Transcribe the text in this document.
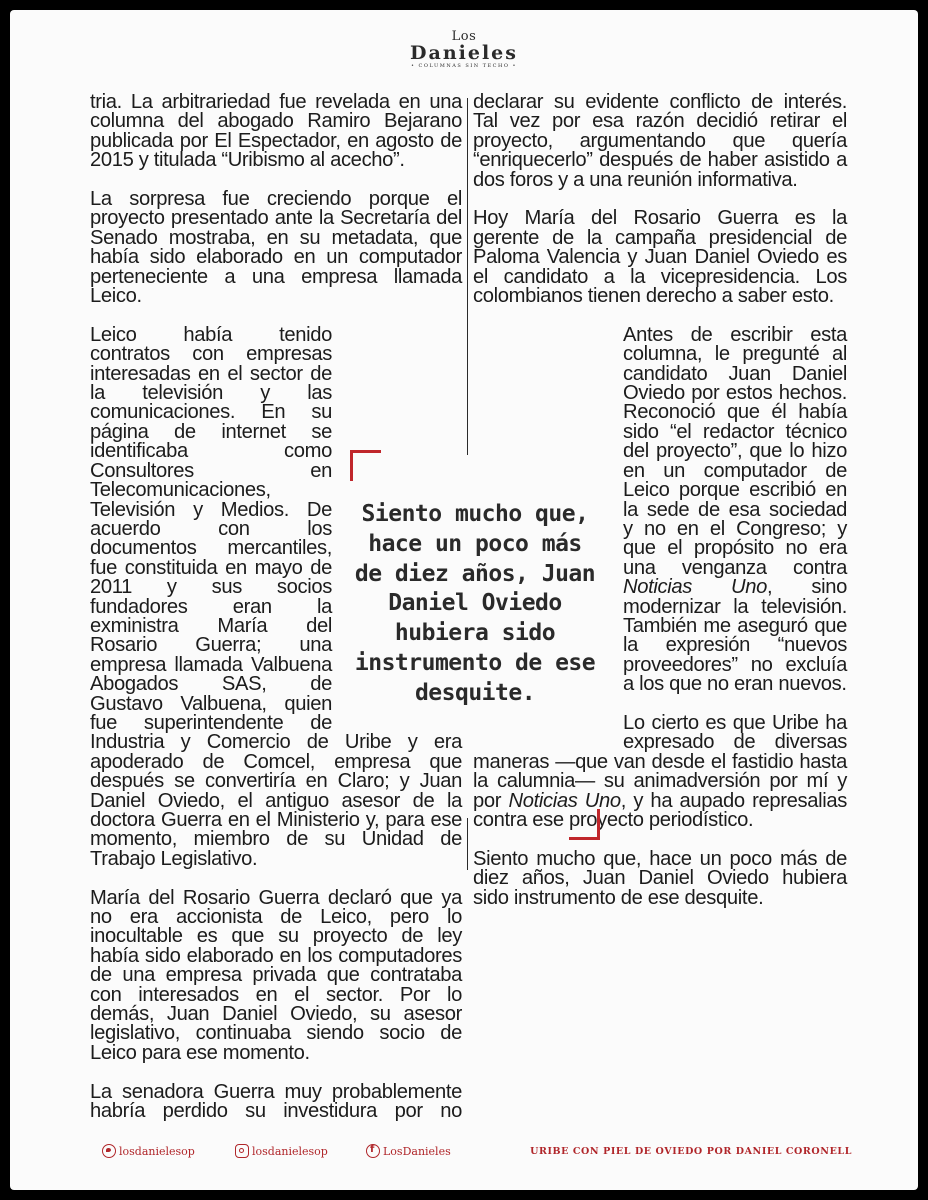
Los
Danieles
• COLUMNAS SIN TECHO •

tria. La arbitrariedad fue revelada en una columna del abogado Ramiro Bejarano publicada por El Espectador, en agosto de 2015 y titulada “Uribismo al acecho”.

La sorpresa fue creciendo porque el proyecto presentado ante la Secretaría del Senado mostraba, en su metadata, que había sido elaborado en un computador perteneciente a una empresa llamada Leico.

Leico había tenido contratos con empresas interesadas en el sector de la televisión y las comunicaciones. En su página de internet se identificaba como Consultores en Telecomunicaciones, Televisión y Medios. De acuerdo con los documentos mercantiles, fue constituida en mayo de 2011 y sus socios fundadores eran la exministra María del Rosario Guerra; una empresa llamada Valbuena Abogados SAS, de Gustavo Valbuena, quien fue superintendente de Industria y Comercio de Uribe y era apoderado de Comcel, empresa que después se convertiría en Claro; y Juan Daniel Oviedo, el antiguo asesor de la doctora Guerra en el Ministerio y, para ese momento, miembro de su Unidad de Trabajo Legislativo.

María del Rosario Guerra declaró que ya no era accionista de Leico, pero lo inocultable es que su proyecto de ley había sido elaborado en los computadores de una empresa privada que contrataba con interesados en el sector. Por lo demás, Juan Daniel Oviedo, su asesor legislativo, continuaba siendo socio de Leico para ese momento.

La senadora Guerra muy probablemente habría perdido su investidura por no

declarar su evidente conflicto de interés. Tal vez por esa razón decidió retirar el proyecto, argumentando que quería “enriquecerlo” después de haber asistido a dos foros y a una reunión informativa.

Hoy María del Rosario Guerra es la gerente de la campaña presidencial de Paloma Valencia y Juan Daniel Oviedo es el candidato a la vicepresidencia. Los colombianos tienen derecho a saber esto.

Antes de escribir esta columna, le pregunté al candidato Juan Daniel Oviedo por estos hechos. Reconoció que él había sido “el redactor técnico del proyecto”, que lo hizo en un computador de Leico porque escribió en la sede de esa sociedad y no en el Congreso; y que el propósito no era una venganza contra Noticias Uno, sino modernizar la televisión. También me aseguró que la expresión “nuevos proveedores” no excluía a los que no eran nuevos.

Lo cierto es que Uribe ha expresado de diversas maneras —que van desde el fastidio hasta la calumnia— su animadversión por mí y por Noticias Uno, y ha aupado represalias contra ese proyecto periodístico.

Siento mucho que, hace un poco más de diez años, Juan Daniel Oviedo hubiera sido instrumento de ese desquite.

Siento mucho que, hace un poco más de diez años, Juan Daniel Oviedo hubiera sido instrumento de ese desquite.
losdanielesop	losdanielesop
f	LosDanieles	URIBE CON PIEL DE OVIEDO POR DANIEL CORONELL
